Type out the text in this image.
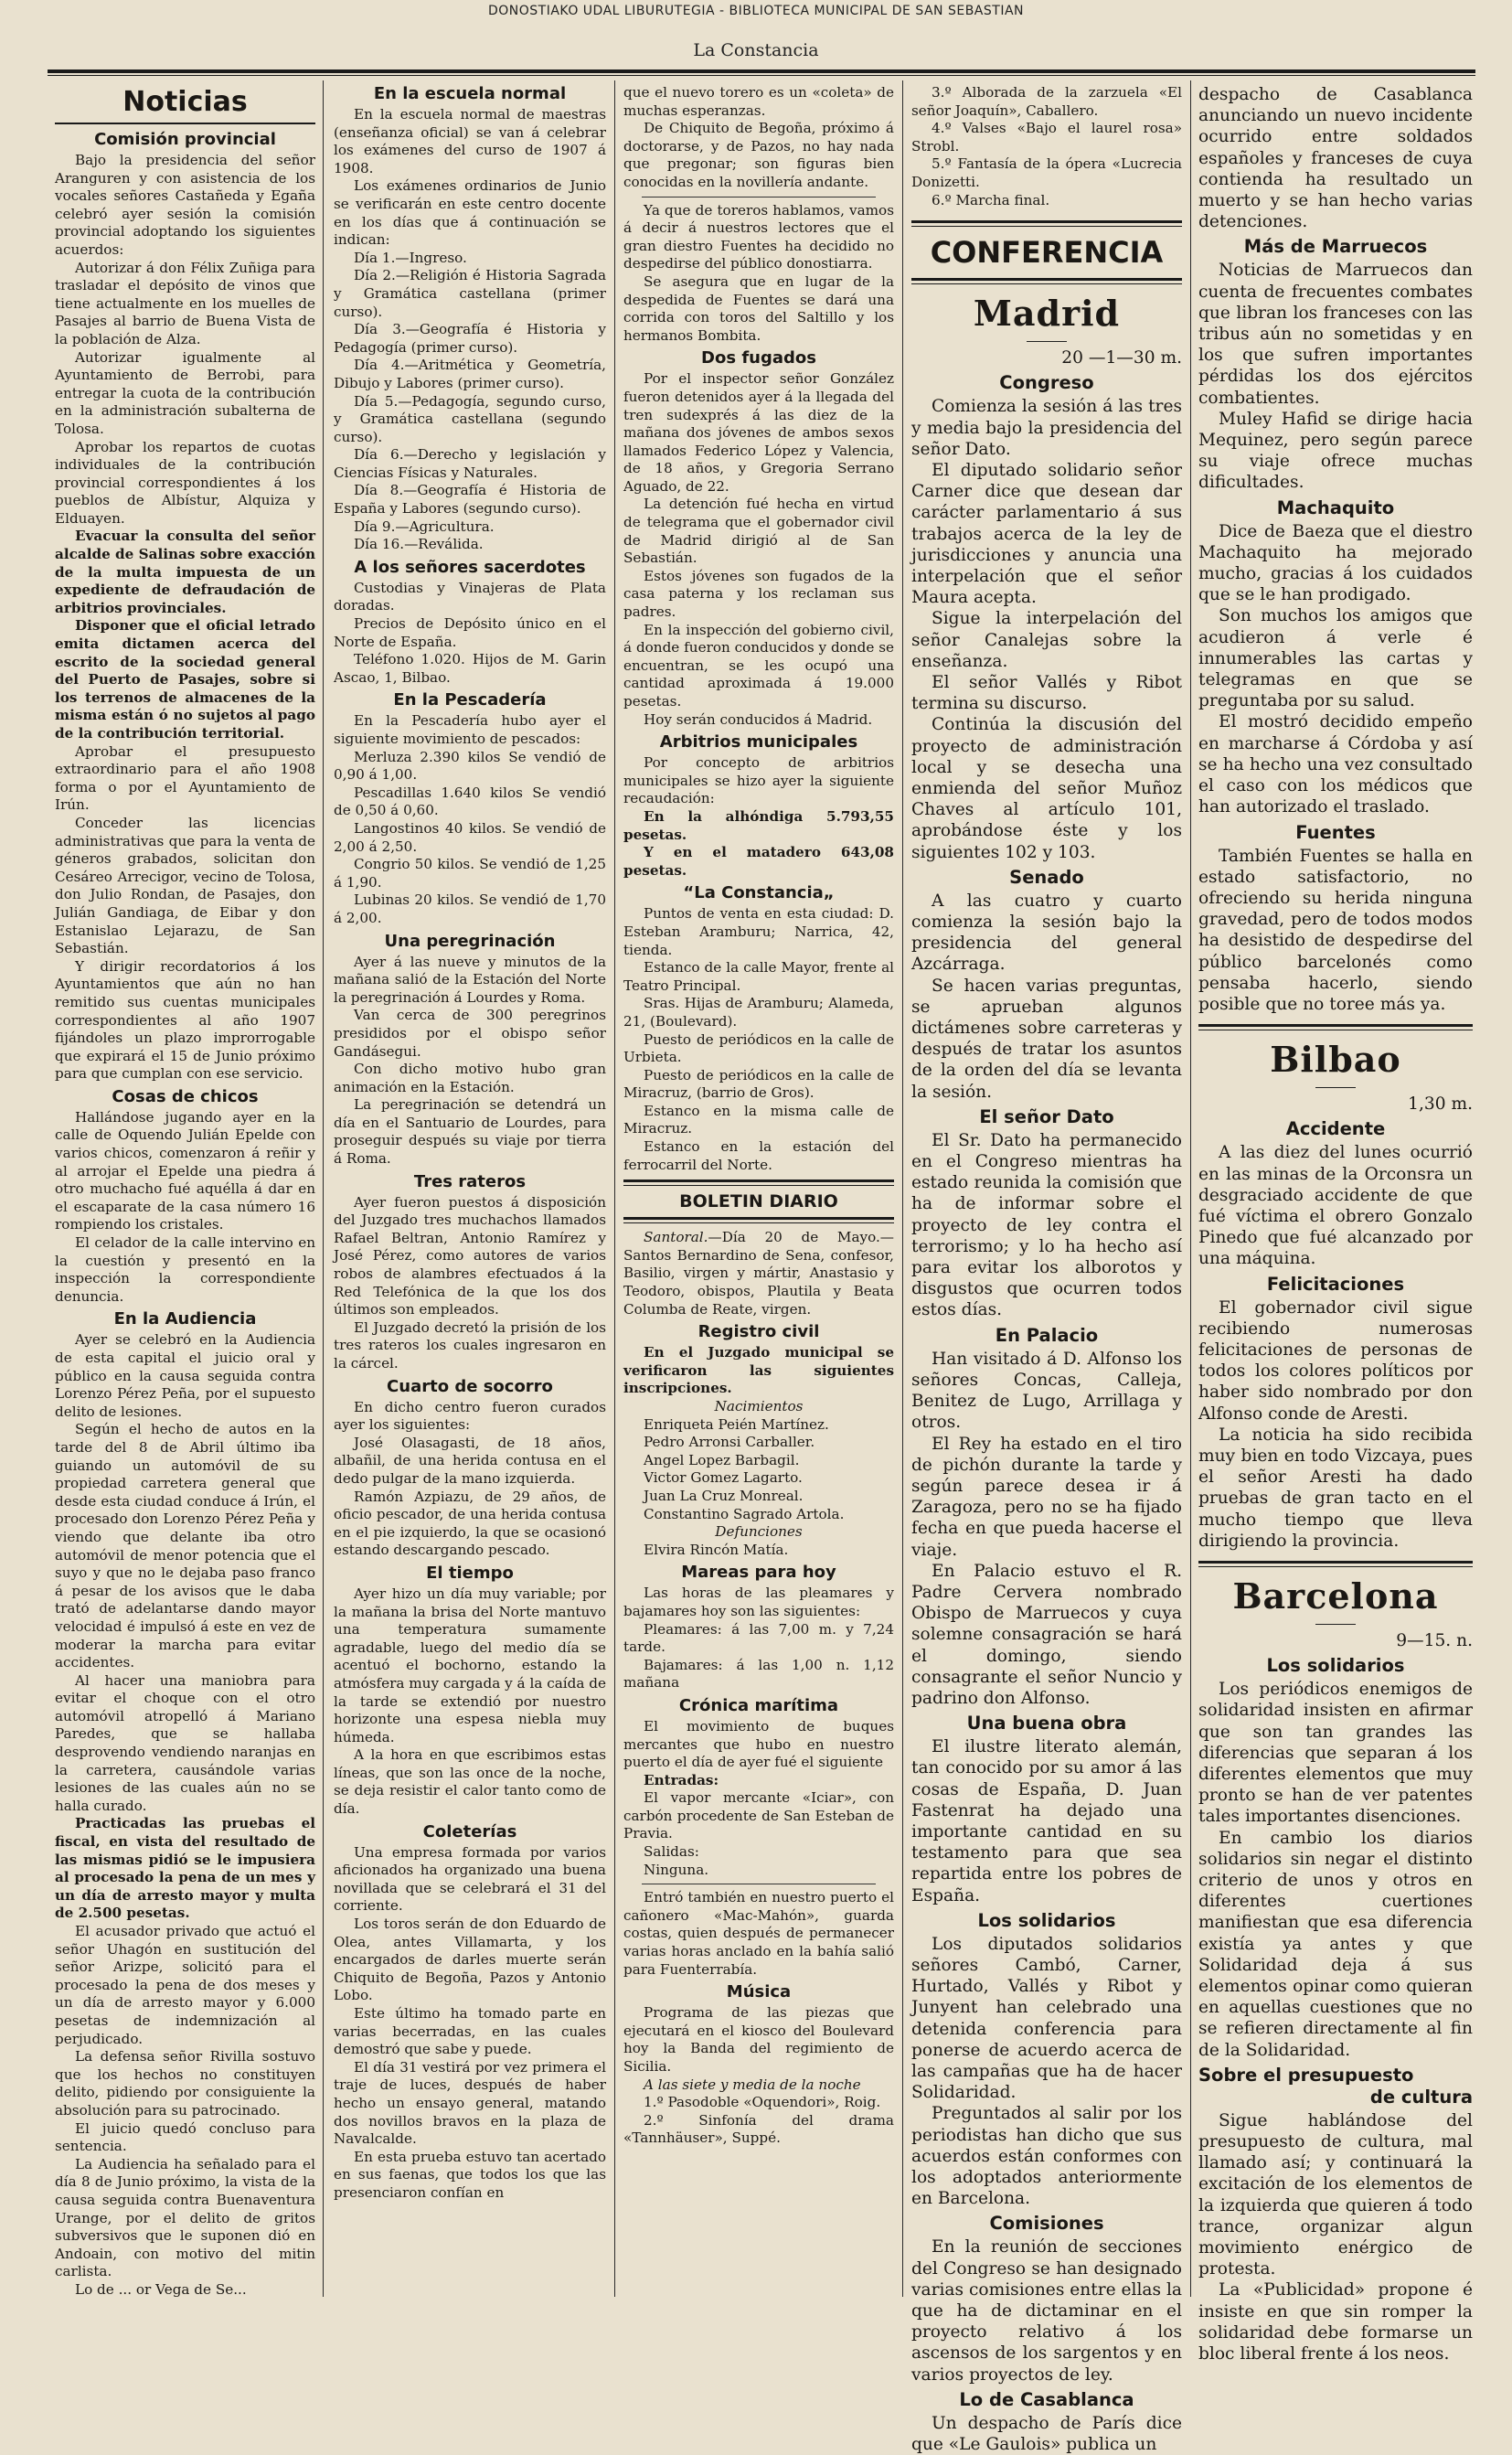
DONOSTIAKO UDAL LIBURUTEGIA - BIBLIOTECA MUNICIPAL DE SAN SEBASTIAN
La Constancia
Noticias
Comisión provincial

Bajo la presidencia del señor Aranguren y con asistencia de los vocales señores Castañeda y Egaña celebró ayer sesión la comisión provincial adoptando los siguientes acuerdos:

Autorizar á don Félix Zuñiga para trasladar el depósito de vinos que tiene actualmente en los muelles de Pasajes al barrio de Buena Vista de la población de Alza.

Autorizar igualmente al Ayuntamiento de Berrobi, para entregar la cuota de la contribución en la administración subalterna de Tolosa.

Aprobar los repartos de cuotas individuales de la contribución provincial correspondientes á los pueblos de Albístur, Alquiza y Elduayen.

Evacuar la consulta del señor alcalde de Salinas sobre exacción de la multa impuesta de un expediente de defraudación de arbitrios provinciales.

Disponer que el oficial letrado emita dictamen acerca del escrito de la sociedad general del Puerto de Pasajes, sobre si los terrenos de almacenes de la misma están ó no sujetos al pago de la contribución territorial.

Aprobar el presupuesto extraordinario para el año 1908 forma o por el Ayuntamiento de Irún.

Conceder las licencias administrativas que para la venta de géneros grabados, solicitan don Cesáreo Arrecigor, vecino de Tolosa, don Julio Rondan, de Pasajes, don Julián Gandiaga, de Eibar y don Estanislao Lejarazu, de San Sebastián.

Y dirigir recordatorios á los Ayuntamientos que aún no han remitido sus cuentas municipales correspondientes al año 1907 fijándoles un plazo improrrogable que expirará el 15 de Junio próximo para que cumplan con ese servicio.

Cosas de chicos

Hallándose jugando ayer en la calle de Oquendo Julián Epelde con varios chicos, comenzaron á reñir y al arrojar el Epelde una piedra á otro muchacho fué aquélla á dar en el escaparate de la casa número 16 rompiendo los cristales.

El celador de la calle intervino en la cuestión y presentó en la inspección la correspondiente denuncia.

En la Audiencia

Ayer se celebró en la Audiencia de esta capital el juicio oral y público en la causa seguida contra Lorenzo Pérez Peña, por el supuesto delito de lesiones.

Según el hecho de autos en la tarde del 8 de Abril último iba guiando un automóvil de su propiedad carretera general que desde esta ciudad conduce á Irún, el procesado don Lorenzo Pérez Peña y viendo que delante iba otro automóvil de menor potencia que el suyo y que no le dejaba paso franco á pesar de los avisos que le daba trató de adelantarse dando mayor velocidad é impulsó á este en vez de moderar la marcha para evitar accidentes.

Al hacer una maniobra para evitar el choque con el otro automóvil atropelló á Mariano Paredes, que se hallaba desprovendo vendiendo naranjas en la carretera, causándole varias lesiones de las cuales aún no se halla curado.

Practicadas las pruebas el fiscal, en vista del resultado de las mismas pidió se le impusiera al procesado la pena de un mes y un día de arresto mayor y multa de 2.500 pesetas.

El acusador privado que actuó el señor Uhagón en sustitución del señor Arizpe, solicitó para el procesado la pena de dos meses y un día de arresto mayor y 6.000 pesetas de indemnización al perjudicado.

La defensa señor Rivilla sostuvo que los hechos no constituyen delito, pidiendo por consiguiente la absolución para su patrocinado.

El juicio quedó concluso para sentencia.

La Audiencia ha señalado para el día 8 de Junio próximo, la vista de la causa seguida contra Buenaventura Urange, por el delito de gritos subversivos que le suponen dió en Andoain, con motivo del mitin carlista.

Lo de ... or Vega de Se...

En la escuela normal

En la escuela normal de maestras (enseñanza oficial) se van á celebrar los exámenes del curso de 1907 á 1908.

Los exámenes ordinarios de Junio se verificarán en este centro docente en los días que á continuación se indican:

Día 1.—Ingreso.

Día 2.—Religión é Historia Sagrada y Gramática castellana (primer curso).

Día 3.—Geografía é Historia y Pedagogía (primer curso).

Día 4.—Aritmética y Geometría, Dibujo y Labores (primer curso).

Día 5.—Pedagogía, segundo curso, y Gramática castellana (segundo curso).

Día 6.—Derecho y legislación y Ciencias Físicas y Naturales.

Día 8.—Geografía é Historia de España y Labores (segundo curso).

Día 9.—Agricultura.

Día 16.—Reválida.

A los señores sacerdotes

Custodias y Vinajeras de Plata doradas.

Precios de Depósito único en el Norte de España.

Teléfono 1.020. Hijos de M. Garin Ascao, 1, Bilbao.

En la Pescadería

En la Pescadería hubo ayer el siguiente movimiento de pescados:

Merluza 2.390 kilos Se vendió de 0,90 á 1,00.

Pescadillas 1.640 kilos Se vendió de 0,50 á 0,60.

Langostinos 40 kilos. Se vendió de 2,00 á 2,50.

Congrio 50 kilos. Se vendió de 1,25 á 1,90.

Lubinas 20 kilos. Se vendió de 1,70 á 2,00.

Una peregrinación

Ayer á las nueve y minutos de la mañana salió de la Estación del Norte la peregrinación á Lourdes y Roma.

Van cerca de 300 peregrinos presididos por el obispo señor Gandásegui.

Con dicho motivo hubo gran animación en la Estación.

La peregrinación se detendrá un día en el Santuario de Lourdes, para proseguir después su viaje por tierra á Roma.

Tres rateros

Ayer fueron puestos á disposición del Juzgado tres muchachos llamados Rafael Beltran, Antonio Ramírez y José Pérez, como autores de varios robos de alambres efectuados á la Red Telefónica de la que los dos últimos son empleados.

El Juzgado decretó la prisión de los tres rateros los cuales ingresaron en la cárcel.

Cuarto de socorro

En dicho centro fueron curados ayer los siguientes:

José Olasagasti, de 18 años, albañil, de una herida contusa en el dedo pulgar de la mano izquierda.

Ramón Azpiazu, de 29 años, de oficio pescador, de una herida contusa en el pie izquierdo, la que se ocasionó estando descargando pescado.

El tiempo

Ayer hizo un día muy variable; por la mañana la brisa del Norte mantuvo una temperatura sumamente agradable, luego del medio día se acentuó el bochorno, estando la atmósfera muy cargada y á la caída de la tarde se extendió por nuestro horizonte una espesa niebla muy húmeda.

A la hora en que escribimos estas líneas, que son las once de la noche, se deja resistir el calor tanto como de día.

Coleterías

Una empresa formada por varios aficionados ha organizado una buena novillada que se celebrará el 31 del corriente.

Los toros serán de don Eduardo de Olea, antes Villamarta, y los encargados de darles muerte serán Chiquito de Begoña, Pazos y Antonio Lobo.

Este último ha tomado parte en varias becerradas, en las cuales demostró que sabe y puede.

El día 31 vestirá por vez primera el traje de luces, después de haber hecho un ensayo general, matando dos novillos bravos en la plaza de Navalcalde.

En esta prueba estuvo tan acertado en sus faenas, que todos los que las presenciaron confían en

que el nuevo torero es un «coleta» de muchas esperanzas.

De Chiquito de Begoña, próximo á doctorarse, y de Pazos, no hay nada que pregonar; son figuras bien conocidas en la novillería andante.

Ya que de toreros hablamos, vamos á decir á nuestros lectores que el gran diestro Fuentes ha decidido no despedirse del público donostiarra.

Se asegura que en lugar de la despedida de Fuentes se dará una corrida con toros del Saltillo y los hermanos Bombita.

Dos fugados

Por el inspector señor González fueron detenidos ayer á la llegada del tren sudexprés á las diez de la mañana dos jóvenes de ambos sexos llamados Federico López y Valencia, de 18 años, y Gregoria Serrano Aguado, de 22.

La detención fué hecha en virtud de telegrama que el gobernador civil de Madrid dirigió al de San Sebastián.

Estos jóvenes son fugados de la casa paterna y los reclaman sus padres.

En la inspección del gobierno civil, á donde fueron conducidos y donde se encuentran, se les ocupó una cantidad aproximada á 19.000 pesetas.

Hoy serán conducidos á Madrid.

Arbitrios municipales

Por concepto de arbitrios municipales se hizo ayer la siguiente recaudación:

En la alhóndiga 5.793,55 pesetas.

Y en el matadero 643,08 pesetas.

“La Constancia„

Puntos de venta en esta ciudad: D. Esteban Aramburu; Narrica, 42, tienda.

Estanco de la calle Mayor, frente al Teatro Principal.

Sras. Hijas de Aramburu; Alameda, 21, (Boulevard).

Puesto de periódicos en la calle de Urbieta.

Puesto de periódicos en la calle de Miracruz, (barrio de Gros).

Estanco en la misma calle de Miracruz.

Estanco en la estación del ferrocarril del Norte.

BOLETIN DIARIO

Santoral.—Día 20 de Mayo.—Santos Bernardino de Sena, confesor, Basilio, virgen y mártir, Anastasio y Teodoro, obispos, Plautila y Beata Columba de Reate, virgen.

Registro civil

En el Juzgado municipal se verificaron las siguientes inscripciones.

Nacimientos

Enriqueta Peién Martínez.

Pedro Arronsi Carballer.

Angel Lopez Barbagil.

Victor Gomez Lagarto.

Juan La Cruz Monreal.

Constantino Sagrado Artola.

Defunciones

Elvira Rincón Matía.

Mareas para hoy

Las horas de las pleamares y bajamares hoy son las siguientes:

Pleamares: á las 7,00 m. y 7,24 tarde.

Bajamares: á las 1,00 n. 1,12 mañana

Crónica marítima

El movimiento de buques mercantes que hubo en nuestro puerto el día de ayer fué el siguiente

Entradas:

El vapor mercante «Iciar», con carbón procedente de San Esteban de Pravia.

Salidas:

Ninguna.

Entró también en nuestro puerto el cañonero «Mac-Mahón», guarda costas, quien después de permanecer varias horas anclado en la bahía salió para Fuenterrabía.

Música

Programa de las piezas que ejecutará en el kiosco del Boulevard hoy la Banda del regimiento de Sicilia.

A las siete y media de la noche

1.º Pasodoble «Oquendori», Roig.

2.º Sinfonía del drama «Tannhäuser», Suppé.

3.º Alborada de la zarzuela «El señor Joaquín», Caballero.

4.º Valses «Bajo el laurel rosa» Strobl.

5.º Fantasía de la ópera «Lucrecia Donizetti.

6.º Marcha final.

CONFERENCIA
Madrid

20 —1—30 m.

Congreso

Comienza la sesión á las tres y media bajo la presidencia del señor Dato.

El diputado solidario señor Carner dice que desean dar carácter parlamentario á sus trabajos acerca de la ley de jurisdicciones y anuncia una interpelación que el señor Maura acepta.

Sigue la interpelación del señor Canalejas sobre la enseñanza.

El señor Vallés y Ribot termina su discurso.

Continúa la discusión del proyecto de administración local y se desecha una enmienda del señor Muñoz Chaves al artículo 101, aprobándose éste y los siguientes 102 y 103.

Senado

A las cuatro y cuarto comienza la sesión bajo la presidencia del general Azcárraga.

Se hacen varias preguntas, se aprueban algunos dictámenes sobre carreteras y después de tratar los asuntos de la orden del día se levanta la sesión.

El señor Dato

El Sr. Dato ha permanecido en el Congreso mientras ha estado reunida la comisión que ha de informar sobre el proyecto de ley contra el terrorismo; y lo ha hecho así para evitar los alborotos y disgustos que ocurren todos estos días.

En Palacio

Han visitado á D. Alfonso los señores Concas, Calleja, Benitez de Lugo, Arrillaga y otros.

El Rey ha estado en el tiro de pichón durante la tarde y según parece desea ir á Zaragoza, pero no se ha fijado fecha en que pueda hacerse el viaje.

En Palacio estuvo el R. Padre Cervera nombrado Obispo de Marruecos y cuya solemne consagración se hará el domingo, siendo consagrante el señor Nuncio y padrino don Alfonso.

Una buena obra

El ilustre literato alemán, tan conocido por su amor á las cosas de España, D. Juan Fastenrat ha dejado una importante cantidad en su testamento para que sea repartida entre los pobres de España.

Los solidarios

Los diputados solidarios señores Cambó, Carner, Hurtado, Vallés y Ribot y Junyent han celebrado una detenida conferencia para ponerse de acuerdo acerca de las campañas que ha de hacer Solidaridad.

Preguntados al salir por los periodistas han dicho que sus acuerdos están conformes con los adoptados anteriormente en Barcelona.

Comisiones

En la reunión de secciones del Congreso se han designado varias comisiones entre ellas la que ha de dictaminar en el proyecto relativo á los ascensos de los sargentos y en varios proyectos de ley.

Lo de Casablanca

Un despacho de París dice que «Le Gaulois» publica un

despacho de Casablanca anunciando un nuevo incidente ocurrido entre soldados españoles y franceses de cuya contienda ha resultado un muerto y se han hecho varias detenciones.

Más de Marruecos

Noticias de Marruecos dan cuenta de frecuentes combates que libran los franceses con las tribus aún no sometidas y en los que sufren importantes pérdidas los dos ejércitos combatientes.

Muley Hafid se dirige hacia Mequinez, pero según parece su viaje ofrece muchas dificultades.

Machaquito

Dice de Baeza que el diestro Machaquito ha mejorado mucho, gracias á los cuidados que se le han prodigado.

Son muchos los amigos que acudieron á verle é innumerables las cartas y telegramas en que se preguntaba por su salud.

El mostró decidido empeño en marcharse á Córdoba y así se ha hecho una vez consultado el caso con los médicos que han autorizado el traslado.

Fuentes

También Fuentes se halla en estado satisfactorio, no ofreciendo su herida ninguna gravedad, pero de todos modos ha desistido de despedirse del público barcelonés como pensaba hacerlo, siendo posible que no toree más ya.

Bilbao

1,30 m.

Accidente

A las diez del lunes ocurrió en las minas de la Orconsra un desgraciado accidente de que fué víctima el obrero Gonzalo Pinedo que fué alcanzado por una máquina.

Felicitaciones

El gobernador civil sigue recibiendo numerosas felicitaciones de personas de todos los colores políticos por haber sido nombrado por don Alfonso conde de Aresti.

La noticia ha sido recibida muy bien en todo Vizcaya, pues el señor Aresti ha dado pruebas de gran tacto en el mucho tiempo que lleva dirigiendo la provincia.

Barcelona

9—15. n.

Los solidarios

Los periódicos enemigos de solidaridad insisten en afirmar que son tan grandes las diferencias que separan á los diferentes elementos que muy pronto se han de ver patentes tales importantes disenciones.

En cambio los diarios solidarios sin negar el distinto criterio de unos y otros en diferentes cuertiones manifiestan que esa diferencia existía ya antes y que Solidaridad deja á sus elementos opinar como quieran en aquellas cuestiones que no se refieren directamente al fin de la Solidaridad.

Sobre el presupuesto
de cultura

Sigue hablándose del presupuesto de cultura, mal llamado así; y continuará la excitación de los elementos de la izquierda que quieren á todo trance, organizar algun movimiento enérgico de protesta.

La «Publicidad» propone é insiste en que sin romper la solidaridad debe formarse un bloc liberal frente á los neos.
